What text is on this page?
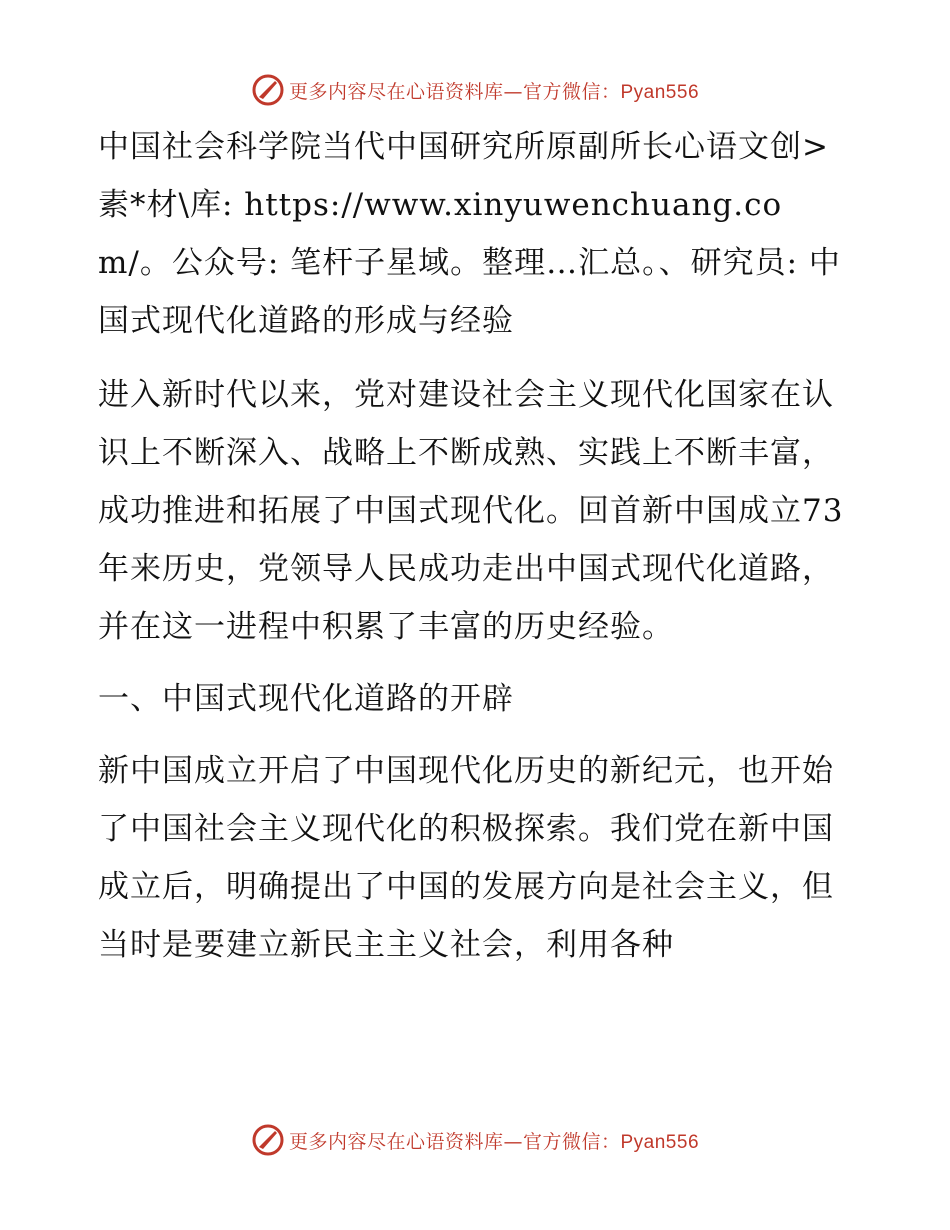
更多内容尽在心语资料库—官方微信：Pyan556

中国社会科学院当代中国研究所原副所长心语文创>素*材\库: https://www.xinyuwenchuang.com/。公众号: 笔杆子星域。整理…汇总。、研究员: 中国式现代化道路的形成与经验

进入新时代以来，党对建设社会主义现代化国家在认识上不断深入、战略上不断成熟、实践上不断丰富，成功推进和拓展了中国式现代化。回首新中国成立73年来历史，党领导人民成功走出中国式现代化道路，并在这一进程中积累了丰富的历史经验。

一、中国式现代化道路的开辟

新中国成立开启了中国现代化历史的新纪元，也开始了中国社会主义现代化的积极探索。我们党在新中国成立后，明确提出了中国的发展方向是社会主义，但当时是要建立新民主主义社会，利用各种

更多内容尽在心语资料库—官方微信：Pyan556
